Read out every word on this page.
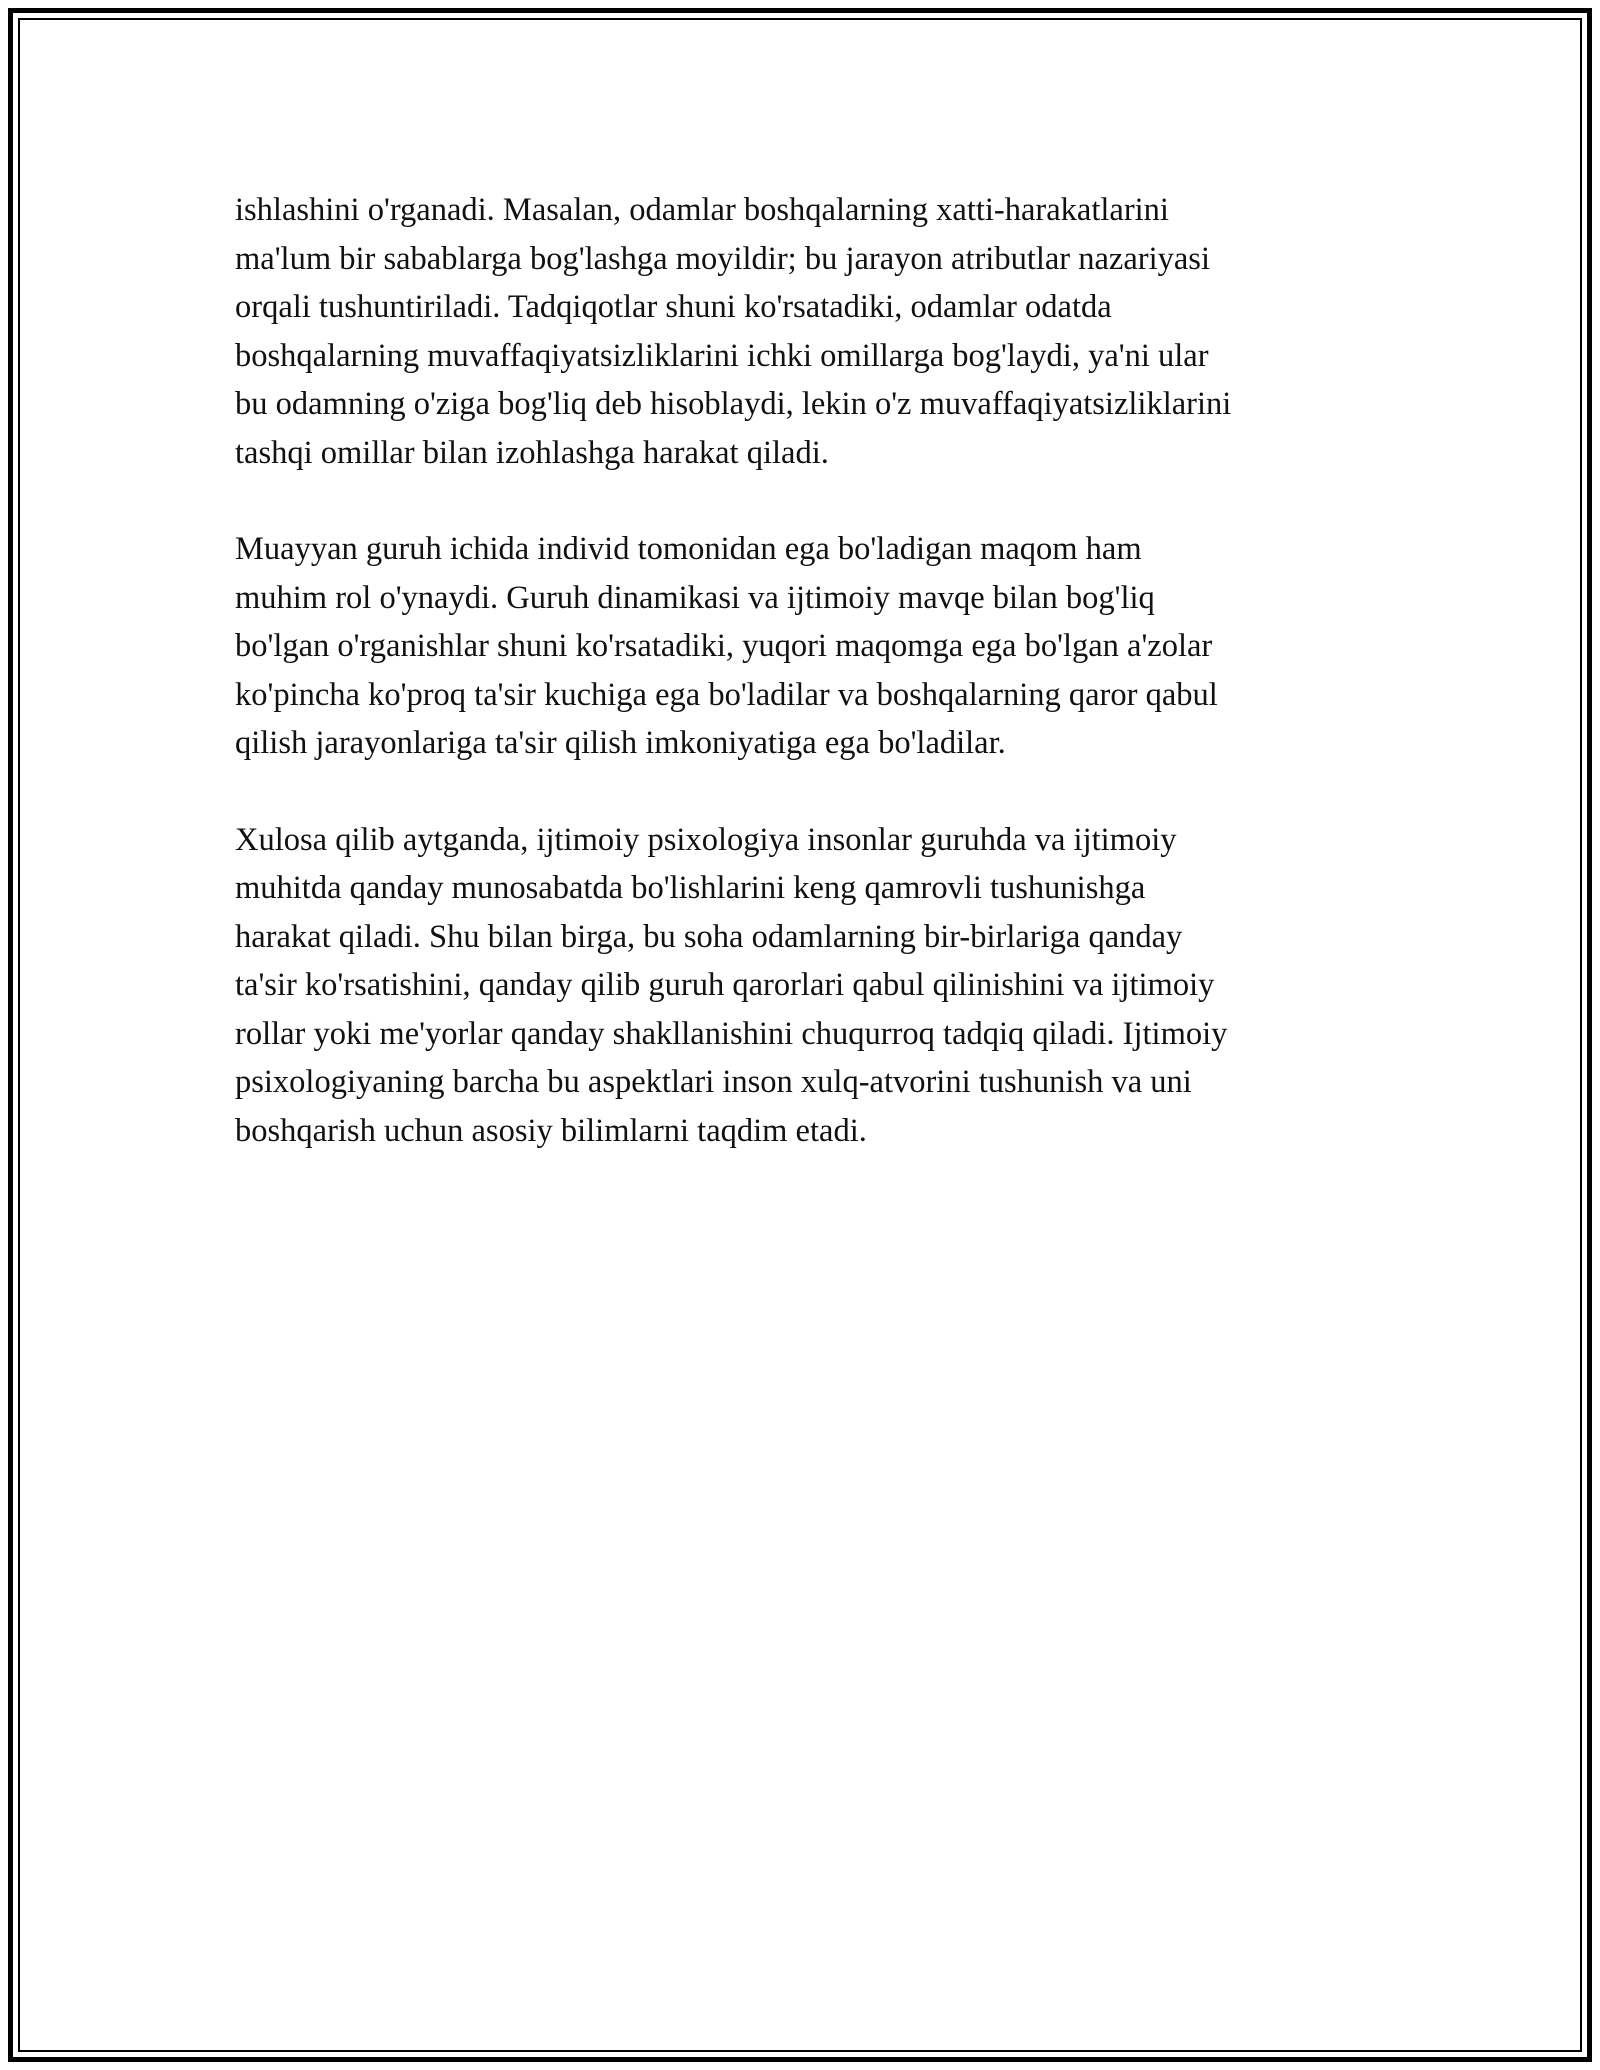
ishlashini o'rganadi. Masalan, odamlar boshqalarning xatti-harakatlarini
ma'lum bir sabablarga bog'lashga moyildir; bu jarayon atributlar nazariyasi
orqali tushuntiriladi. Tadqiqotlar shuni ko'rsatadiki, odamlar odatda
boshqalarning muvaffaqiyatsizliklarini ichki omillarga bog'laydi, ya'ni ular
bu odamning o'ziga bog'liq deb hisoblaydi, lekin o'z muvaffaqiyatsizliklarini
tashqi omillar bilan izohlashga harakat qiladi.

Muayyan guruh ichida individ tomonidan ega bo'ladigan maqom ham
muhim rol o'ynaydi. Guruh dinamikasi va ijtimoiy mavqe bilan bog'liq
bo'lgan o'rganishlar shuni ko'rsatadiki, yuqori maqomga ega bo'lgan a'zolar
ko'pincha ko'proq ta'sir kuchiga ega bo'ladilar va boshqalarning qaror qabul
qilish jarayonlariga ta'sir qilish imkoniyatiga ega bo'ladilar.

Xulosa qilib aytganda, ijtimoiy psixologiya insonlar guruhda va ijtimoiy
muhitda qanday munosabatda bo'lishlarini keng qamrovli tushunishga
harakat qiladi. Shu bilan birga, bu soha odamlarning bir-birlariga qanday
ta'sir ko'rsatishini, qanday qilib guruh qarorlari qabul qilinishini va ijtimoiy
rollar yoki me'yorlar qanday shakllanishini chuqurroq tadqiq qiladi. Ijtimoiy
psixologiyaning barcha bu aspektlari inson xulq-atvorini tushunish va uni
boshqarish uchun asosiy bilimlarni taqdim etadi.
